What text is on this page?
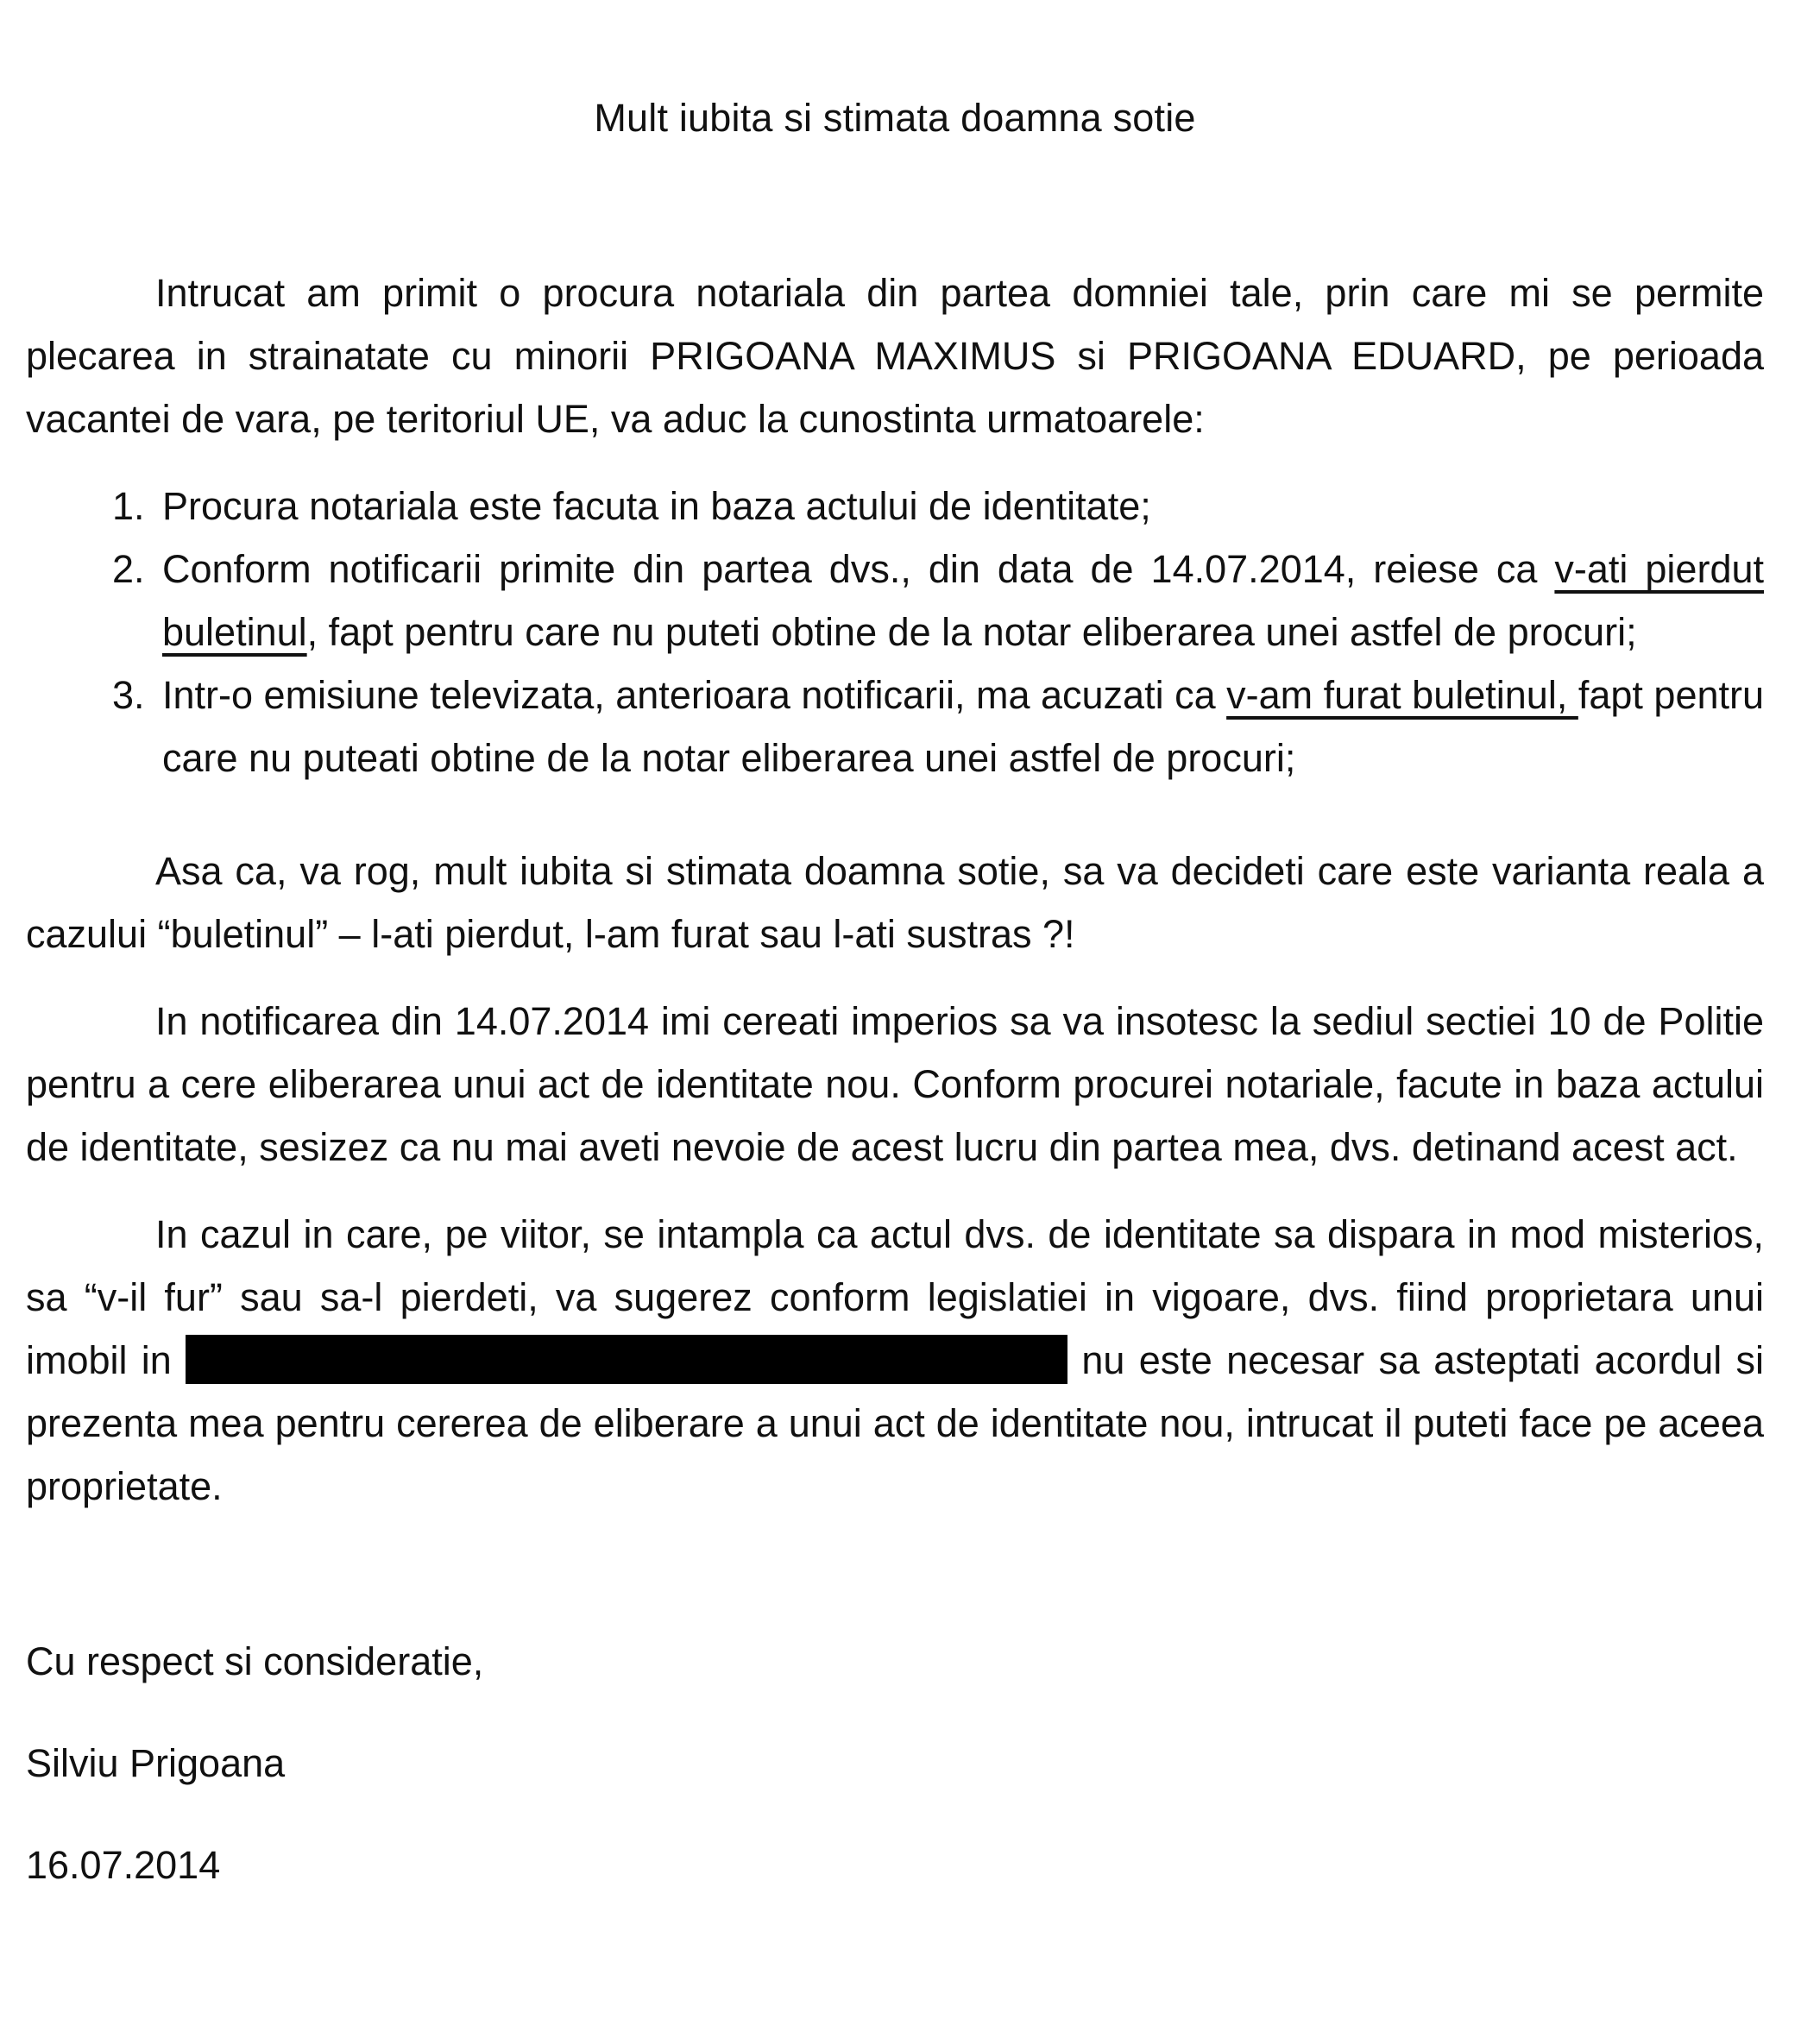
Mult iubita si stimata doamna sotie

Intrucat am primit o procura notariala din partea domniei tale, prin care mi se permite plecarea in strainatate cu minorii PRIGOANA MAXIMUS si PRIGOANA EDUARD, pe perioada vacantei de vara, pe teritoriul UE, va aduc la cunostinta urmatoarele:

1. Procura notariala este facuta in baza actului de identitate;
2. Conform notificarii primite din partea dvs., din data de 14.07.2014, reiese ca v-ati pierdut buletinul, fapt pentru care nu puteti obtine de la notar eliberarea unei astfel de procuri;
3. Intr-o emisiune televizata, anterioara notificarii, ma acuzati ca v-am furat buletinul, fapt pentru care nu puteati obtine de la notar eliberarea unei astfel de procuri;

Asa ca, va rog, mult iubita si stimata doamna sotie, sa va decideti care este varianta reala a cazului “buletinul” – l-ati pierdut, l-am furat sau l-ati sustras ?!

In notificarea din 14.07.2014 imi cereati imperios sa va insotesc la sediul sectiei 10 de Politie pentru a cere eliberarea unui act de identitate nou. Conform procurei notariale, facute in baza actului de identitate, sesizez ca nu mai aveti nevoie de acest lucru din partea mea, dvs. detinand acest act.

In cazul in care, pe viitor, se intampla ca actul dvs. de identitate sa dispara in mod misterios, sa “v-il fur” sau sa-l pierdeti, va sugerez conform legislatiei in vigoare, dvs. fiind proprietara unui imobil in	nu este necesar sa asteptati acordul si prezenta mea pentru cererea de eliberare a unui act de identitate nou, intrucat il puteti face pe aceea proprietate.

Cu respect si consideratie,

Silviu Prigoana

16.07.2014
